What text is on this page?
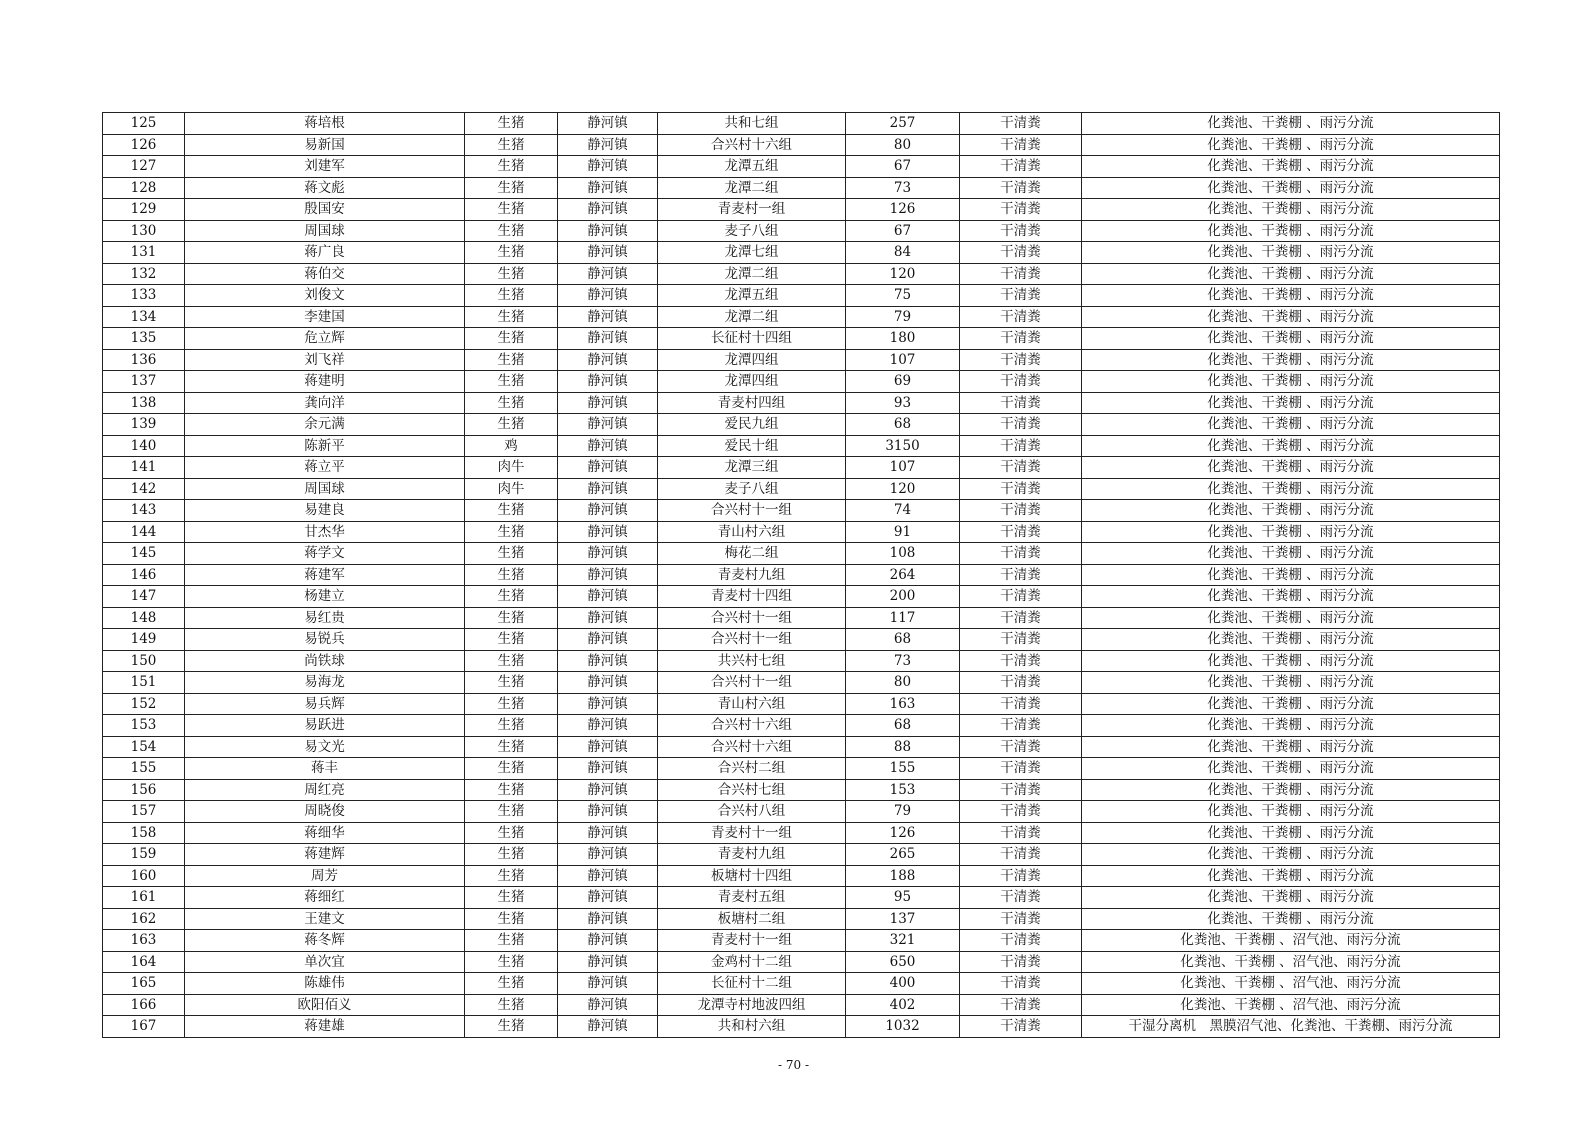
125	蒋培根	生猪	静河镇	共和七组	257	干清粪	化粪池、干粪棚 、雨污分流
126	易新国	生猪	静河镇	合兴村十六组	80	干清粪	化粪池、干粪棚 、雨污分流
127	刘建军	生猪	静河镇	龙潭五组	67	干清粪	化粪池、干粪棚 、雨污分流
128	蒋文彪	生猪	静河镇	龙潭二组	73	干清粪	化粪池、干粪棚 、雨污分流
129	殷国安	生猪	静河镇	青麦村一组	126	干清粪	化粪池、干粪棚 、雨污分流
130	周国球	生猪	静河镇	麦子八组	67	干清粪	化粪池、干粪棚 、雨污分流
131	蒋广良	生猪	静河镇	龙潭七组	84	干清粪	化粪池、干粪棚 、雨污分流
132	蒋伯交	生猪	静河镇	龙潭二组	120	干清粪	化粪池、干粪棚 、雨污分流
133	刘俊文	生猪	静河镇	龙潭五组	75	干清粪	化粪池、干粪棚 、雨污分流
134	李建国	生猪	静河镇	龙潭二组	79	干清粪	化粪池、干粪棚 、雨污分流
135	危立辉	生猪	静河镇	长征村十四组	180	干清粪	化粪池、干粪棚 、雨污分流
136	刘飞祥	生猪	静河镇	龙潭四组	107	干清粪	化粪池、干粪棚 、雨污分流
137	蒋建明	生猪	静河镇	龙潭四组	69	干清粪	化粪池、干粪棚 、雨污分流
138	龚向洋	生猪	静河镇	青麦村四组	93	干清粪	化粪池、干粪棚 、雨污分流
139	余元满	生猪	静河镇	爱民九组	68	干清粪	化粪池、干粪棚 、雨污分流
140	陈新平	鸡	静河镇	爱民十组	3150	干清粪	化粪池、干粪棚 、雨污分流
141	蒋立平	肉牛	静河镇	龙潭三组	107	干清粪	化粪池、干粪棚 、雨污分流
142	周国球	肉牛	静河镇	麦子八组	120	干清粪	化粪池、干粪棚 、雨污分流
143	易建良	生猪	静河镇	合兴村十一组	74	干清粪	化粪池、干粪棚 、雨污分流
144	甘杰华	生猪	静河镇	青山村六组	91	干清粪	化粪池、干粪棚 、雨污分流
145	蒋学文	生猪	静河镇	梅花二组	108	干清粪	化粪池、干粪棚 、雨污分流
146	蒋建军	生猪	静河镇	青麦村九组	264	干清粪	化粪池、干粪棚 、雨污分流
147	杨建立	生猪	静河镇	青麦村十四组	200	干清粪	化粪池、干粪棚 、雨污分流
148	易红贵	生猪	静河镇	合兴村十一组	117	干清粪	化粪池、干粪棚 、雨污分流
149	易锐兵	生猪	静河镇	合兴村十一组	68	干清粪	化粪池、干粪棚 、雨污分流
150	尚铁球	生猪	静河镇	共兴村七组	73	干清粪	化粪池、干粪棚 、雨污分流
151	易海龙	生猪	静河镇	合兴村十一组	80	干清粪	化粪池、干粪棚 、雨污分流
152	易兵辉	生猪	静河镇	青山村六组	163	干清粪	化粪池、干粪棚 、雨污分流
153	易跃进	生猪	静河镇	合兴村十六组	68	干清粪	化粪池、干粪棚 、雨污分流
154	易文光	生猪	静河镇	合兴村十六组	88	干清粪	化粪池、干粪棚 、雨污分流
155	蒋丰	生猪	静河镇	合兴村二组	155	干清粪	化粪池、干粪棚 、雨污分流
156	周红亮	生猪	静河镇	合兴村七组	153	干清粪	化粪池、干粪棚 、雨污分流
157	周晓俊	生猪	静河镇	合兴村八组	79	干清粪	化粪池、干粪棚 、雨污分流
158	蒋细华	生猪	静河镇	青麦村十一组	126	干清粪	化粪池、干粪棚 、雨污分流
159	蒋建辉	生猪	静河镇	青麦村九组	265	干清粪	化粪池、干粪棚 、雨污分流
160	周芳	生猪	静河镇	板塘村十四组	188	干清粪	化粪池、干粪棚 、雨污分流
161	蒋细红	生猪	静河镇	青麦村五组	95	干清粪	化粪池、干粪棚 、雨污分流
162	王建文	生猪	静河镇	板塘村二组	137	干清粪	化粪池、干粪棚 、雨污分流
163	蒋冬辉	生猪	静河镇	青麦村十一组	321	干清粪	化粪池、干粪棚 、沼气池、雨污分流
164	单次宜	生猪	静河镇	金鸡村十二组	650	干清粪	化粪池、干粪棚 、沼气池、雨污分流
165	陈雄伟	生猪	静河镇	长征村十二组	400	干清粪	化粪池、干粪棚 、沼气池、雨污分流
166	欧阳佰义	生猪	静河镇	龙潭寺村地波四组	402	干清粪	化粪池、干粪棚 、沼气池、雨污分流
167	蒋建雄	生猪	静河镇	共和村六组	1032	干清粪	干湿分离机　黑膜沼气池、化粪池、干粪棚、雨污分流
- 70 -
